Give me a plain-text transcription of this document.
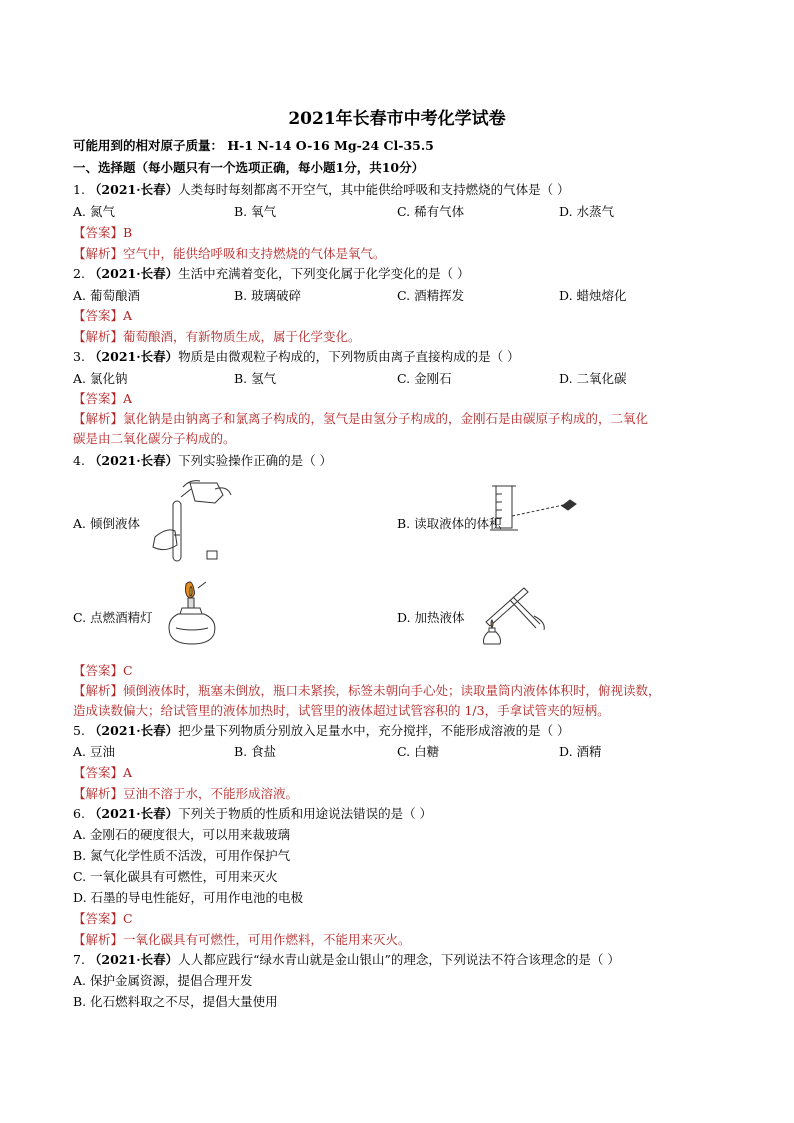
2021年长春市中考化学试卷
可能用到的相对原子质量： H-1 N-14 O-16 Mg-24 Cl-35.5
一、选择题（每小题只有一个选项正确，每小题1分，共10分）
1. （2021·长春）人类每时每刻都离不开空气，其中能供给呼吸和支持燃烧的气体是（ ）
A. 氮气	B. 氧气	C. 稀有气体	D. 水蒸气
【答案】B
【解析】空气中，能供给呼吸和支持燃烧的气体是氧气。
2. （2021·长春）生活中充满着变化，下列变化属于化学变化的是（ ）
A. 葡萄酿酒	B. 玻璃破碎	C. 酒精挥发	D. 蜡烛熔化
【答案】A
【解析】葡萄酿酒，有新物质生成，属于化学变化。
3. （2021·长春）物质是由微观粒子构成的，下列物质由离子直接构成的是（ ）
A. 氯化钠	B. 氢气	C. 金刚石	D. 二氧化碳
【答案】A
【解析】氯化钠是由钠离子和氯离子构成的，氢气是由氢分子构成的，金刚石是由碳原子构成的，二氧化
碳是由二氧化碳分子构成的。
4. （2021·长春）下列实验操作正确的是（ ）
A. 倾倒液体	B. 读取液体的体积
C. 点燃酒精灯	D. 加热液体
【答案】C
【解析】倾倒液体时，瓶塞未倒放，瓶口未紧挨，标签未朝向手心处；读取量筒内液体体积时，俯视读数，
造成读数偏大；给试管里的液体加热时，试管里的液体超过试管容积的 1/3，手拿试管夹的短柄。
5. （2021·长春）把少量下列物质分别放入足量水中，充分搅拌，不能形成溶液的是（ ）
A. 豆油	B. 食盐	C. 白糖	D. 酒精
【答案】A
【解析】豆油不溶于水，不能形成溶液。
6. （2021·长春）下列关于物质的性质和用途说法错误的是（ ）
A. 金刚石的硬度很大，可以用来裁玻璃
B. 氮气化学性质不活泼，可用作保护气
C. 一氧化碳具有可燃性，可用来灭火
D. 石墨的导电性能好，可用作电池的电极
【答案】C
【解析】一氧化碳具有可燃性，可用作燃料，不能用来灭火。
7. （2021·长春）人人都应践行“绿水青山就是金山银山”的理念，下列说法不符合该理念的是（ ）
A. 保护金属资源，提倡合理开发
B. 化石燃料取之不尽，提倡大量使用
